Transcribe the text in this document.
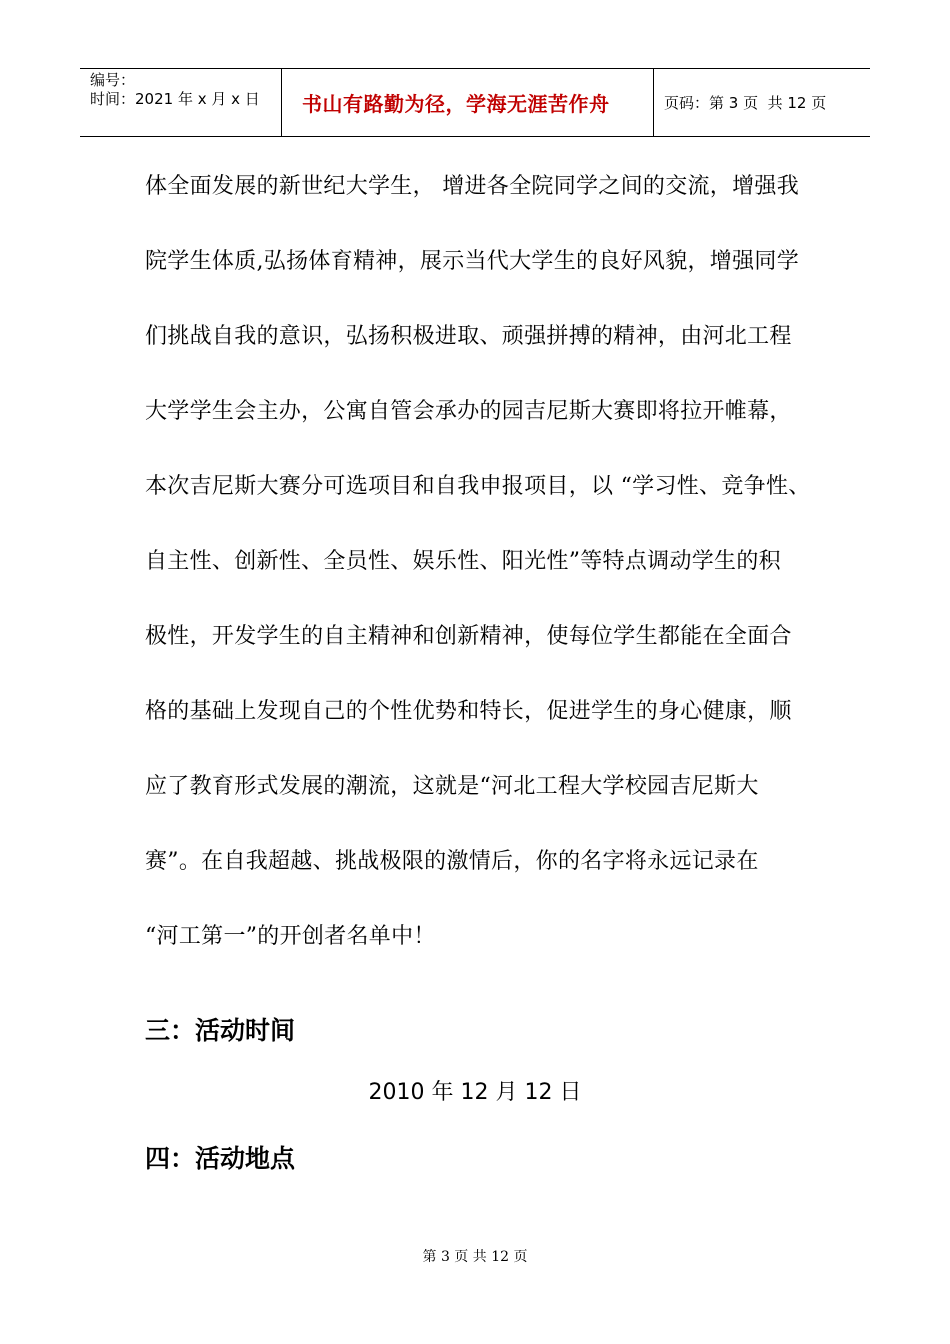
编号：
时间：2021 年 x 月 x 日	书山有路勤为径，学海无涯苦作舟	页码：第 3 页  共 12 页
体全面发展的新世纪大学生， 增进各全院同学之间的交流，增强我
院学生体质,弘扬体育精神，展示当代大学生的良好风貌，增强同学
们挑战自我的意识，弘扬积极进取、顽强拼搏的精神，由河北工程
大学学生会主办，公寓自管会承办的园吉尼斯大赛即将拉开帷幕，
本次吉尼斯大赛分可选项目和自我申报项目，以 “学习性、竞争性、
自主性、创新性、全员性、娱乐性、阳光性”等特点调动学生的积
极性，开发学生的自主精神和创新精神，使每位学生都能在全面合
格的基础上发现自己的个性优势和特长，促进学生的身心健康，顺
应了教育形式发展的潮流，这就是“河北工程大学校园吉尼斯大
赛”。在自我超越、挑战极限的激情后，你的名字将永远记录在
“河工第一”的开创者名单中！
三：活动时间
2010 年 12 月 12 日
四：活动地点
第 3 页 共 12 页
